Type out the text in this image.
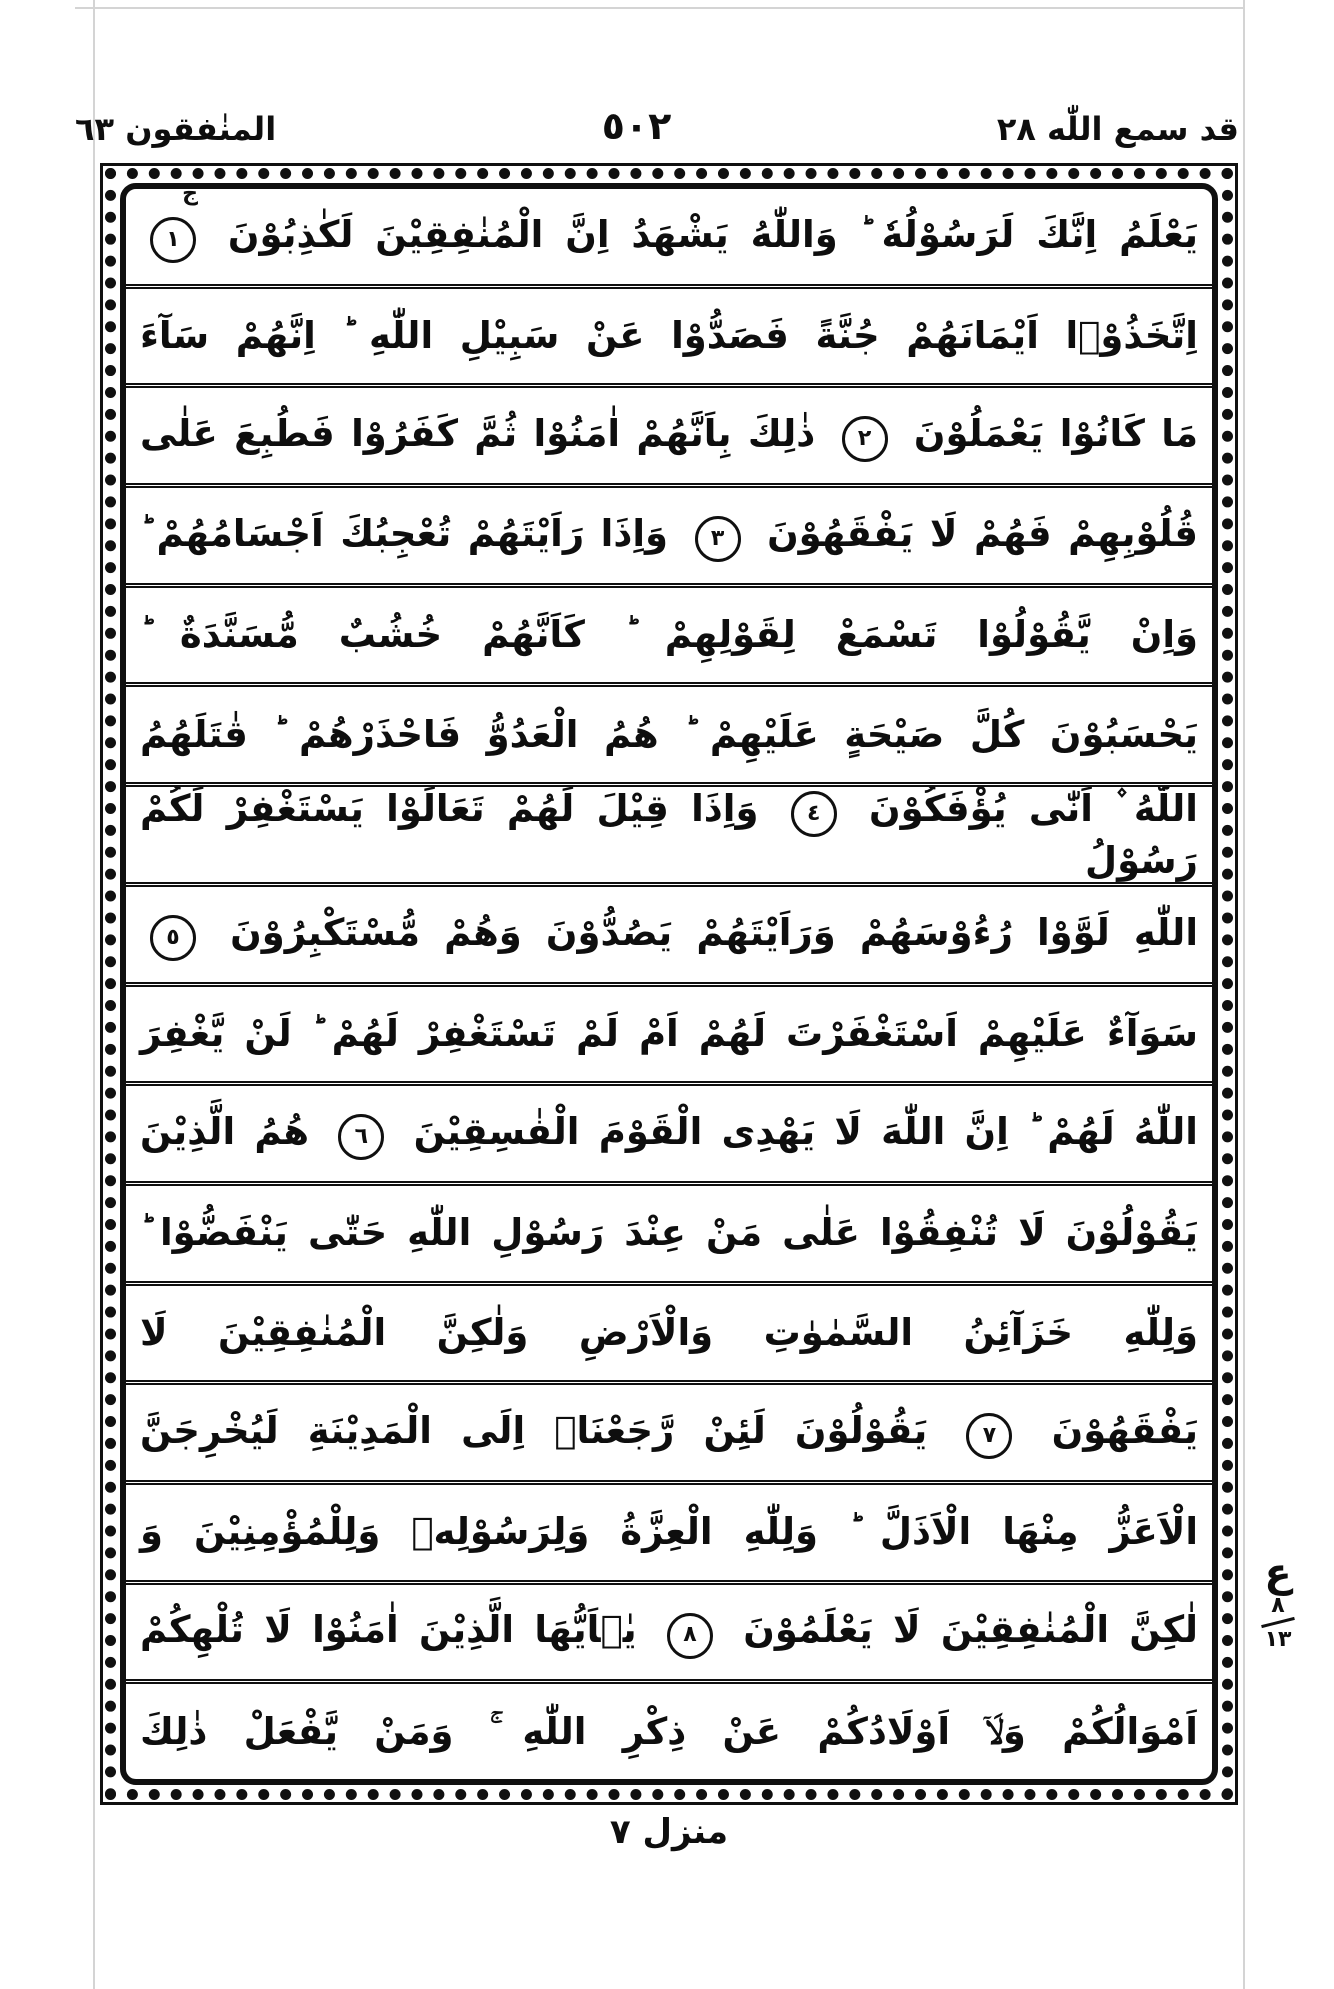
قد سمع اللّٰه ٢٨
٥٠٢
المنٰفقون ٦٣
يَعْلَمُ اِنَّكَ لَرَسُوْلُهٗ ؕ وَاللّٰهُ يَشْهَدُ اِنَّ الْمُنٰفِقِيْنَ لَكٰذِبُوْنَ
ج
١
اِتَّخَذُوْۤا اَيْمَانَهُمْ جُنَّةً فَصَدُّوْا عَنْ سَبِيْلِ اللّٰهِ ؕ اِنَّهُمْ سَآءَ
مَا كَانُوْا يَعْمَلُوْنَ ٢ ذٰلِكَ بِاَنَّهُمْ اٰمَنُوْا ثُمَّ كَفَرُوْا فَطُبِعَ عَلٰى
قُلُوْبِهِمْ فَهُمْ لَا يَفْقَهُوْنَ ٣ وَاِذَا رَاَيْتَهُمْ تُعْجِبُكَ اَجْسَامُهُمْ ؕ
وَاِنْ يَّقُوْلُوْا تَسْمَعْ لِقَوْلِهِمْ ؕ كَاَنَّهُمْ خُشُبٌ مُّسَنَّدَةٌ ؕ
يَحْسَبُوْنَ كُلَّ صَيْحَةٍ عَلَيْهِمْ ؕ هُمُ الْعَدُوُّ فَاحْذَرْهُمْ ؕ قٰتَلَهُمُ
اللّٰهُ ۫ اَنّٰى يُؤْفَكُوْنَ ٤ وَاِذَا قِيْلَ لَهُمْ تَعَالَوْا يَسْتَغْفِرْ لَكُمْ رَسُوْلُ
اللّٰهِ لَوَّوْا رُءُوْسَهُمْ وَرَاَيْتَهُمْ يَصُدُّوْنَ وَهُمْ مُّسْتَكْبِرُوْنَ ٥
سَوَآءٌ عَلَيْهِمْ اَسْتَغْفَرْتَ لَهُمْ اَمْ لَمْ تَسْتَغْفِرْ لَهُمْ ؕ لَنْ يَّغْفِرَ
اللّٰهُ لَهُمْ ؕ اِنَّ اللّٰهَ لَا يَهْدِى الْقَوْمَ الْفٰسِقِيْنَ ٦ هُمُ الَّذِيْنَ
يَقُوْلُوْنَ لَا تُنْفِقُوْا عَلٰى مَنْ عِنْدَ رَسُوْلِ اللّٰهِ حَتّٰى يَنْفَضُّوْا ؕ
وَلِلّٰهِ خَزَآئِنُ السَّمٰوٰتِ وَالْاَرْضِ وَلٰكِنَّ الْمُنٰفِقِيْنَ لَا
يَفْقَهُوْنَ ٧ يَقُوْلُوْنَ لَئِنْ رَّجَعْنَاۤ اِلَى الْمَدِيْنَةِ لَيُخْرِجَنَّ
الْاَعَزُّ مِنْهَا الْاَذَلَّ ؕ وَلِلّٰهِ الْعِزَّةُ وَلِرَسُوْلِهٖ وَلِلْمُؤْمِنِيْنَ وَ
لٰكِنَّ الْمُنٰفِقِيْنَ لَا يَعْلَمُوْنَ ٨ يٰۤاَيُّهَا الَّذِيْنَ اٰمَنُوْا لَا تُلْهِكُمْ
اَمْوَالُكُمْ وَلَاۤ اَوْلَادُكُمْ عَنْ ذِكْرِ اللّٰهِ ۚ وَمَنْ يَّفْعَلْ ذٰلِكَ
ع
٨
١٣
منزل ٧
